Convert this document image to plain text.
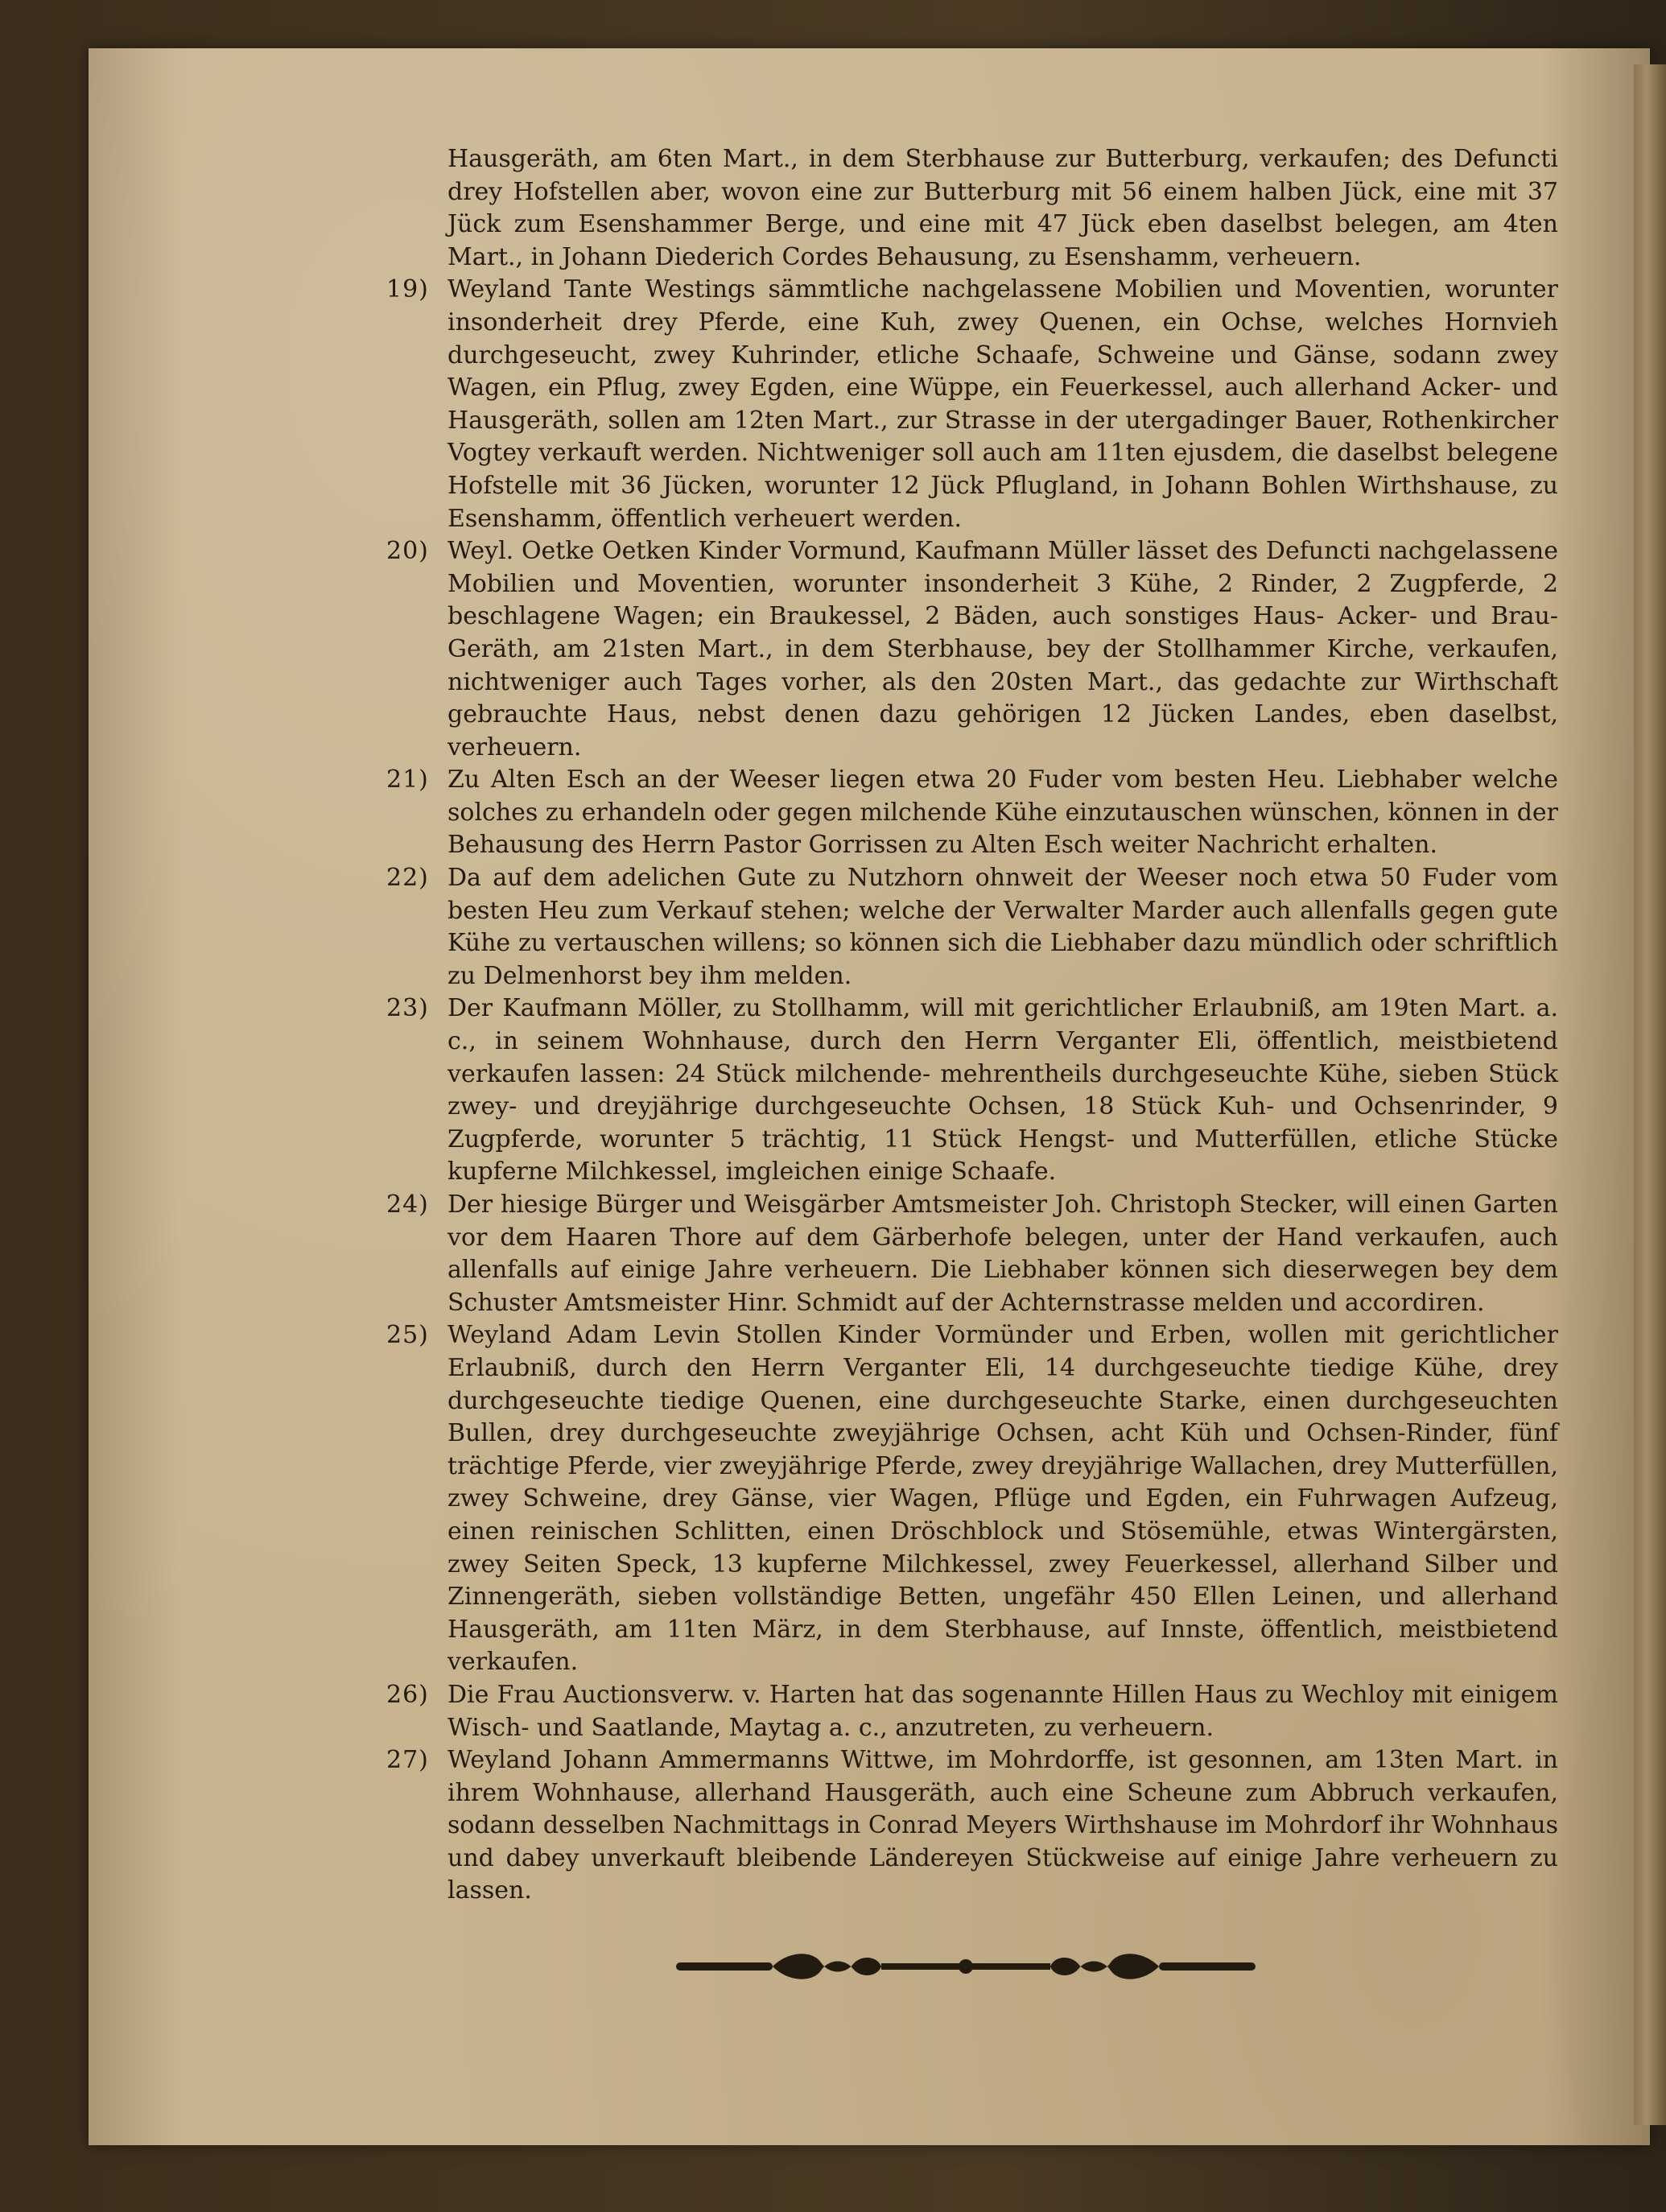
Hausgeräth, am 6ten Mart., in dem Sterbhause zur Butterburg, verkaufen; des Defuncti drey Hofstellen aber, wovon eine zur Butterburg mit 56 einem halben Jück, eine mit 37 Jück zum Esenshammer Berge, und eine mit 47 Jück eben daselbst belegen, am 4ten Mart., in Johann Diederich Cordes Behausung, zu Esenshamm, verheuern.

19) Weyland Tante Westings sämmtliche nachgelassene Mobilien und Moventien, worunter insonderheit drey Pferde, eine Kuh, zwey Quenen, ein Ochse, welches Hornvieh durchgeseucht, zwey Kuhrinder, etliche Schaafe, Schweine und Gänse, sodann zwey Wagen, ein Pflug, zwey Egden, eine Wüppe, ein Feuerkessel, auch allerhand Acker- und Hausgeräth, sollen am 12ten Mart., zur Strasse in der utergadinger Bauer, Rothenkircher Vogtey verkauft werden. Nichtweniger soll auch am 11ten ejusdem, die daselbst belegene Hofstelle mit 36 Jücken, worunter 12 Jück Pflugland, in Johann Bohlen Wirthshause, zu Esenshamm, öffentlich verheuert werden.
20) Weyl. Oetke Oetken Kinder Vormund, Kaufmann Müller lässet des Defuncti nachgelassene Mobilien und Moventien, worunter insonderheit 3 Kühe, 2 Rinder, 2 Zugpferde, 2 beschlagene Wagen; ein Braukessel, 2 Bäden, auch sonstiges Haus- Acker- und Brau-Geräth, am 21sten Mart., in dem Sterbhause, bey der Stollhammer Kirche, verkaufen, nichtweniger auch Tages vorher, als den 20sten Mart., das gedachte zur Wirthschaft gebrauchte Haus, nebst denen dazu gehörigen 12 Jücken Landes, eben daselbst, verheuern.
21) Zu Alten Esch an der Weeser liegen etwa 20 Fuder vom besten Heu. Liebhaber welche solches zu erhandeln oder gegen milchende Kühe einzutauschen wünschen, können in der Behausung des Herrn Pastor Gorrissen zu Alten Esch weiter Nachricht erhalten.
22) Da auf dem adelichen Gute zu Nutzhorn ohnweit der Weeser noch etwa 50 Fuder vom besten Heu zum Verkauf stehen; welche der Verwalter Marder auch allenfalls gegen gute Kühe zu vertauschen willens; so können sich die Liebhaber dazu mündlich oder schriftlich zu Delmenhorst bey ihm melden.
23) Der Kaufmann Möller, zu Stollhamm, will mit gerichtlicher Erlaubniß, am 19ten Mart. a. c., in seinem Wohnhause, durch den Herrn Verganter Eli, öffentlich, meistbietend verkaufen lassen: 24 Stück milchende- mehrentheils durchgeseuchte Kühe, sieben Stück zwey- und dreyjährige durchgeseuchte Ochsen, 18 Stück Kuh- und Ochsenrinder, 9 Zugpferde, worunter 5 trächtig, 11 Stück Hengst- und Mutterfüllen, etliche Stücke kupferne Milchkessel, imgleichen einige Schaafe.
24) Der hiesige Bürger und Weisgärber Amtsmeister Joh. Christoph Stecker, will einen Garten vor dem Haaren Thore auf dem Gärberhofe belegen, unter der Hand verkaufen, auch allenfalls auf einige Jahre verheuern. Die Liebhaber können sich dieserwegen bey dem Schuster Amtsmeister Hinr. Schmidt auf der Achternstrasse melden und accordiren.
25) Weyland Adam Levin Stollen Kinder Vormünder und Erben, wollen mit gerichtlicher Erlaubniß, durch den Herrn Verganter Eli, 14 durchgeseuchte tiedige Kühe, drey durchgeseuchte tiedige Quenen, eine durchgeseuchte Starke, einen durchgeseuchten Bullen, drey durchgeseuchte zweyjährige Ochsen, acht Küh und Ochsen-Rinder, fünf trächtige Pferde, vier zweyjährige Pferde, zwey dreyjährige Wallachen, drey Mutterfüllen, zwey Schweine, drey Gänse, vier Wagen, Pflüge und Egden, ein Fuhrwagen Aufzeug, einen reinischen Schlitten, einen Dröschblock und Stösemühle, etwas Wintergärsten, zwey Seiten Speck, 13 kupferne Milchkessel, zwey Feuerkessel, allerhand Silber und Zinnengeräth, sieben vollständige Betten, ungefähr 450 Ellen Leinen, und allerhand Hausgeräth, am 11ten März, in dem Sterbhause, auf Innste, öffentlich, meistbietend verkaufen.
26) Die Frau Auctionsverw. v. Harten hat das sogenannte Hillen Haus zu Wechloy mit einigem Wisch- und Saatlande, Maytag a. c., anzutreten, zu verheuern.
27) Weyland Johann Ammermanns Wittwe, im Mohrdorffe, ist gesonnen, am 13ten Mart. in ihrem Wohnhause, allerhand Hausgeräth, auch eine Scheune zum Abbruch verkaufen, sodann desselben Nachmittags in Conrad Meyers Wirthshause im Mohrdorf ihr Wohnhaus und dabey unverkauft bleibende Ländereyen Stückweise auf einige Jahre verheuern zu lassen.
